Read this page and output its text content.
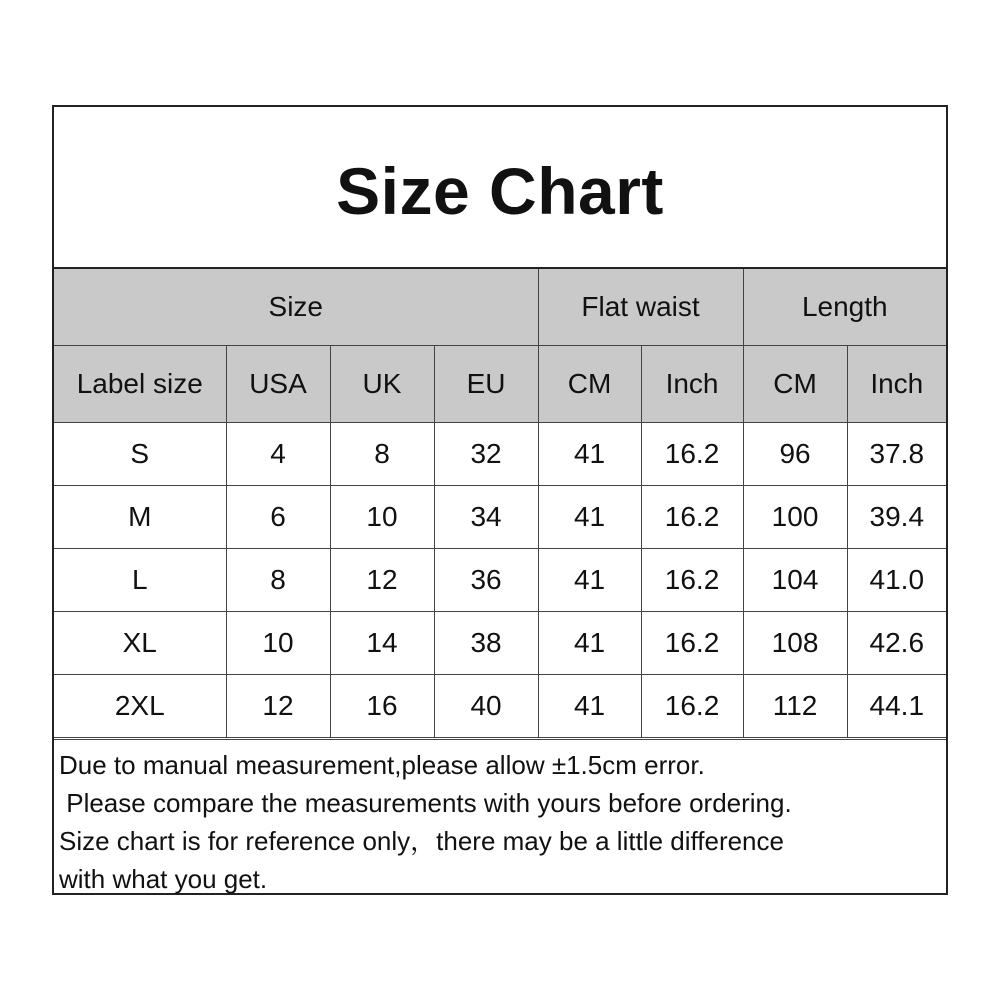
Size Chart
Size				Flat waist		Length	
Label size	USA	UK	EU	CM	Inch	CM	Inch
S	4	8	32	41	16.2	96	37.8
M	6	10	34	41	16.2	100	39.4
L	8	12	36	41	16.2	104	41.0
XL	10	14	38	41	16.2	108	42.6
2XL	12	16	40	41	16.2	112	44.1
Due to manual measurement,please allow ±1.5cm error.
Please compare the measurements with yours before ordering.
Size chart is for reference only，there may be a little difference
with what you get.
